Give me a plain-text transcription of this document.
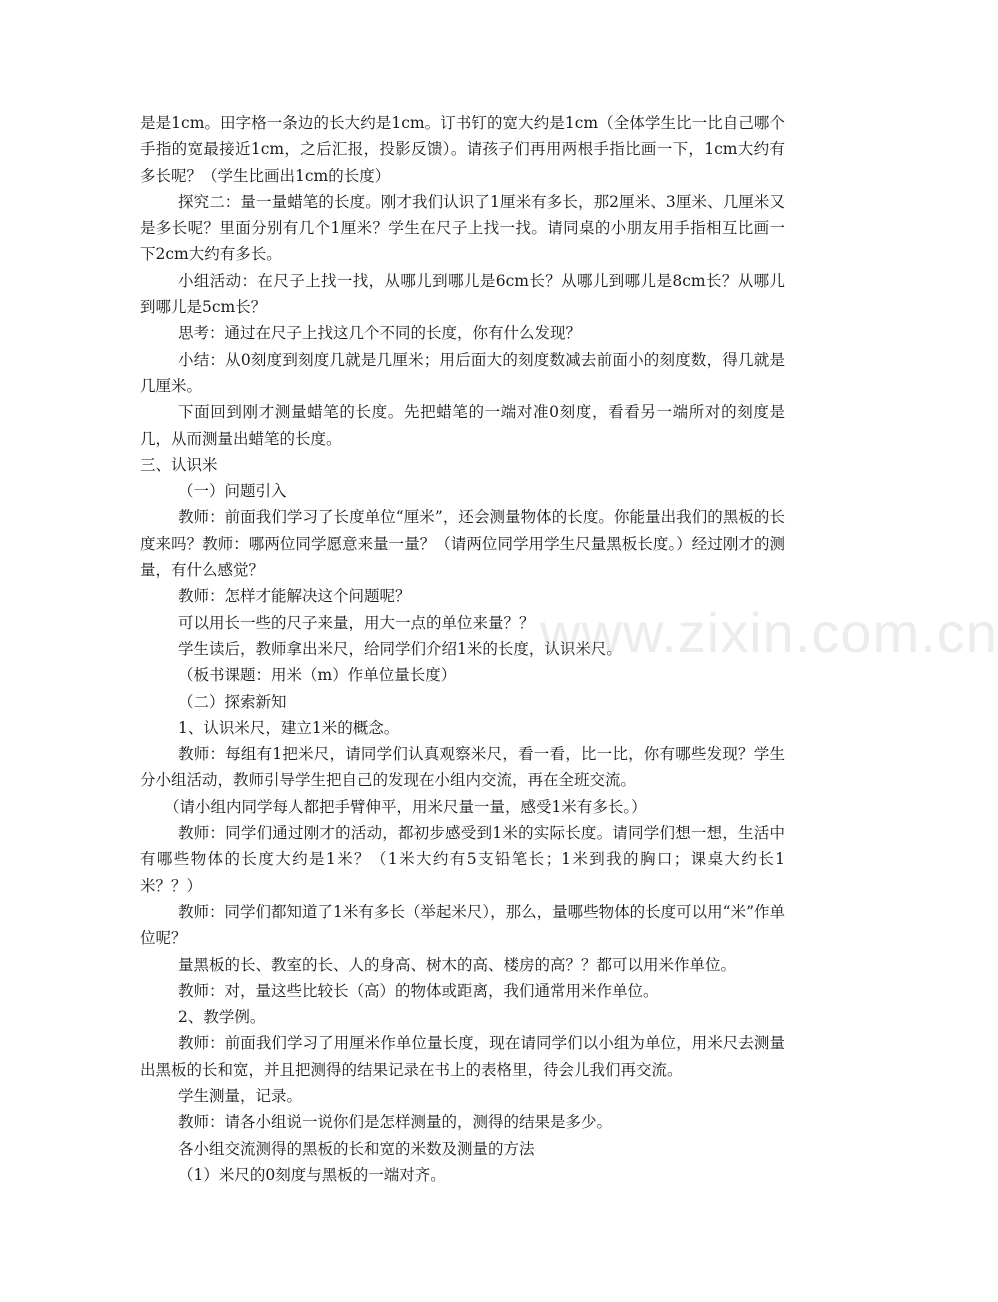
是是1cm。田字格一条边的长大约是1cm。订书钉的宽大约是1cm（全体学生比一比自己哪个手指的宽最接近1cm，之后汇报，投影反馈）。请孩子们再用两根手指比画一下，1cm大约有多长呢？（学生比画出1cm的长度）
探究二：量一量蜡笔的长度。刚才我们认识了1厘米有多长，那2厘米、3厘米、几厘米又是多长呢？里面分别有几个1厘米？学生在尺子上找一找。请同桌的小朋友用手指相互比画一下2cm大约有多长。
小组活动：在尺子上找一找，从哪儿到哪儿是6cm长？从哪儿到哪儿是8cm长？从哪儿到哪儿是5cm长？
思考：通过在尺子上找这几个不同的长度，你有什么发现？
小结：从0刻度到刻度几就是几厘米；用后面大的刻度数减去前面小的刻度数，得几就是几厘米。
下面回到刚才测量蜡笔的长度。先把蜡笔的一端对准0刻度，看看另一端所对的刻度是几，从而测量出蜡笔的长度。
三、认识米
（一）问题引入
教师：前面我们学习了长度单位“厘米”，还会测量物体的长度。你能量出我们的黑板的长度来吗？教师：哪两位同学愿意来量一量？（请两位同学用学生尺量黑板长度。）经过刚才的测量，有什么感觉？
教师：怎样才能解决这个问题呢？
可以用长一些的尺子来量，用大一点的单位来量？？
学生读后，教师拿出米尺，给同学们介绍1米的长度，认识米尺。
（板书课题：用米（m）作单位量长度）
（二）探索新知
1、认识米尺，建立1米的概念。
教师：每组有1把米尺，请同学们认真观察米尺，看一看，比一比，你有哪些发现？学生分小组活动，教师引导学生把自己的发现在小组内交流，再在全班交流。
（请小组内同学每人都把手臂伸平，用米尺量一量，感受1米有多长。）
教师：同学们通过刚才的活动，都初步感受到1米的实际长度。请同学们想一想，生活中有哪些物体的长度大约是1米？（1米大约有5支铅笔长；1米到我的胸口；课桌大约长1米？？）
教师：同学们都知道了1米有多长（举起米尺），那么，量哪些物体的长度可以用“米”作单位呢？
量黑板的长、教室的长、人的身高、树木的高、楼房的高？？都可以用米作单位。
教师：对，量这些比较长（高）的物体或距离，我们通常用米作单位。
2、教学例。
教师：前面我们学习了用厘米作单位量长度，现在请同学们以小组为单位，用米尺去测量出黑板的长和宽，并且把测得的结果记录在书上的表格里，待会儿我们再交流。
学生测量，记录。
教师：请各小组说一说你们是怎样测量的，测得的结果是多少。
各小组交流测得的黑板的长和宽的米数及测量的方法
（1）米尺的0刻度与黑板的一端对齐。
www.zixin.com.cn
